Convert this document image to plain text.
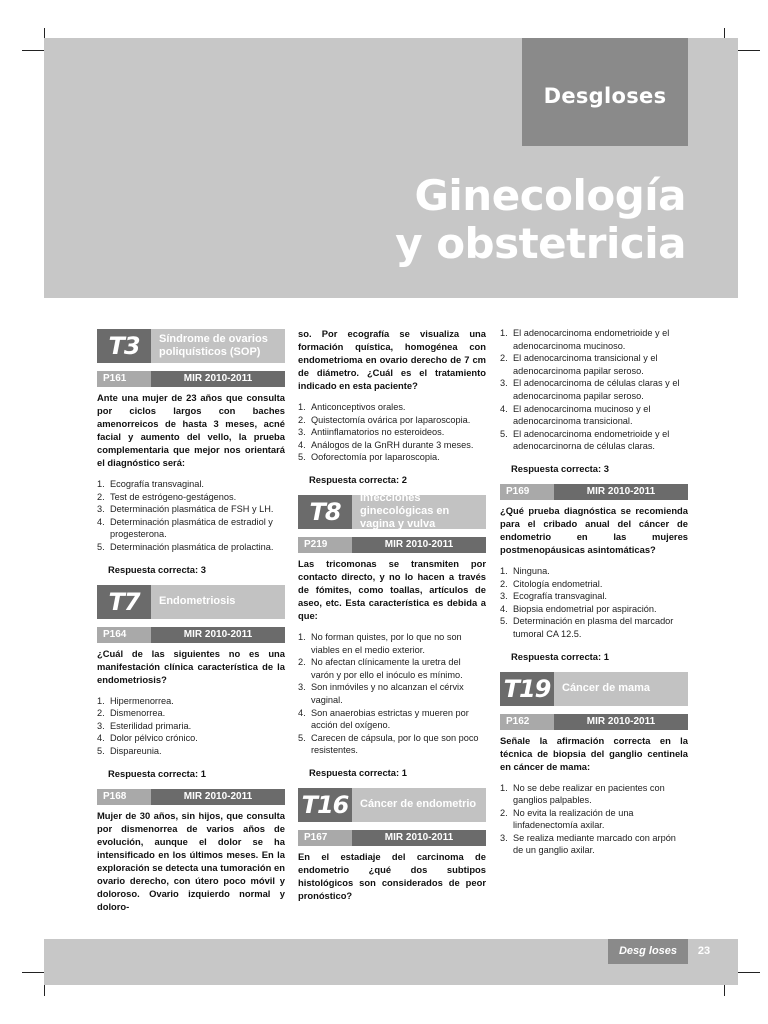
Desgloses
Ginecología
y obstetricia
T3	Síndrome de ovarios poliquísticos (SOP)
P161	MIR 2010-2011
Ante una mujer de 23 años que consulta por ciclos largos con baches amenorreicos de hasta 3 meses, acné facial y aumento del vello, la prueba complementaria que mejor nos orientará el diagnóstico será:
1. Ecografía transvaginal.
2. Test de estrógeno-gestágenos.
3. Determinación plasmática de FSH y LH.
4. Determinación plasmática de estradiol y progesterona.
5. Determinación plasmática de prolactina.
Respuesta correcta: 3
T7	Endometriosis
P164	MIR 2010-2011
¿Cuál de las siguientes no es una manifestación clínica característica de la endometriosis?
1. Hipermenorrea.
2. Dismenorrea.
3. Esterilidad primaria.
4. Dolor pélvico crónico.
5. Dispareunia.
Respuesta correcta: 1
P168	MIR 2010-2011
Mujer de 30 años, sin hijos, que consulta por dismenorrea de varios años de evolución, aunque el dolor se ha intensificado en los últimos meses. En la exploración se detecta una tumoración en ovario derecho, con útero poco móvil y doloroso. Ovario izquierdo normal y doloro-
so. Por ecografía se visualiza una formación quística, homogénea con endometrioma en ovario derecho de 7 cm de diámetro. ¿Cuál es el tratamiento indicado en esta paciente?
1. Anticonceptivos orales.
2. Quistectomía ovárica por laparoscopia.
3. Antiinflamatorios no esteroideos.
4. Análogos de la GnRH durante 3 meses.
5. Ooforectomía por laparoscopia.
Respuesta correcta: 2
T8	Infecciones ginecológicas en vagina y vulva
P219	MIR 2010-2011
Las tricomonas se transmiten por contacto directo, y no lo hacen a través de fómites, como toallas, artículos de aseo, etc. Esta característica es debida a que:
1. No forman quistes, por lo que no son viables en el medio exterior.
2. No afectan clínicamente la uretra del varón y por ello el inóculo es mínimo.
3. Son inmóviles y no alcanzan el cérvix vaginal.
4. Son anaerobias estrictas y mueren por acción del oxígeno.
5. Carecen de cápsula, por lo que son poco resistentes.
Respuesta correcta: 1
T16	Cáncer de endometrio
P167	MIR 2010-2011
En el estadiaje del carcinoma de endometrio ¿qué dos subtipos histológicos son considerados de peor pronóstico?
1. El adenocarcinoma endometrioide y el adenocarcinoma mucinoso.
2. El adenocarcinoma transicional y el adenocarcinoma papilar seroso.
3. El adenocarcinoma de células claras y el adenocarcinoma papilar seroso.
4. El adenocarcinoma mucinoso y el adenocarcinoma transicional.
5. El adenocarcinoma endometrioide y el adenocarcinorna de células claras.
Respuesta correcta: 3
P169	MIR 2010-2011
¿Qué prueba diagnóstica se recomienda para el cribado anual del cáncer de endometrio en las mujeres postmenopáusicas asintomáticas?
1. Ninguna.
2. Citología endometrial.
3. Ecografía transvaginal.
4. Biopsia endometrial por aspiración.
5. Determinación en plasma del marcador tumoral CA 12.5.
Respuesta correcta: 1
T19	Cáncer de mama
P162	MIR 2010-2011
Señale la afirmación correcta en la técnica de biopsia del ganglio centinela en cáncer de mama:
1. No se debe realizar en pacientes con ganglios palpables.
2. No evita la realización de una linfadenectomía axilar.
3. Se realiza mediante marcado con arpón de un ganglio axilar.
Desg loses	23
